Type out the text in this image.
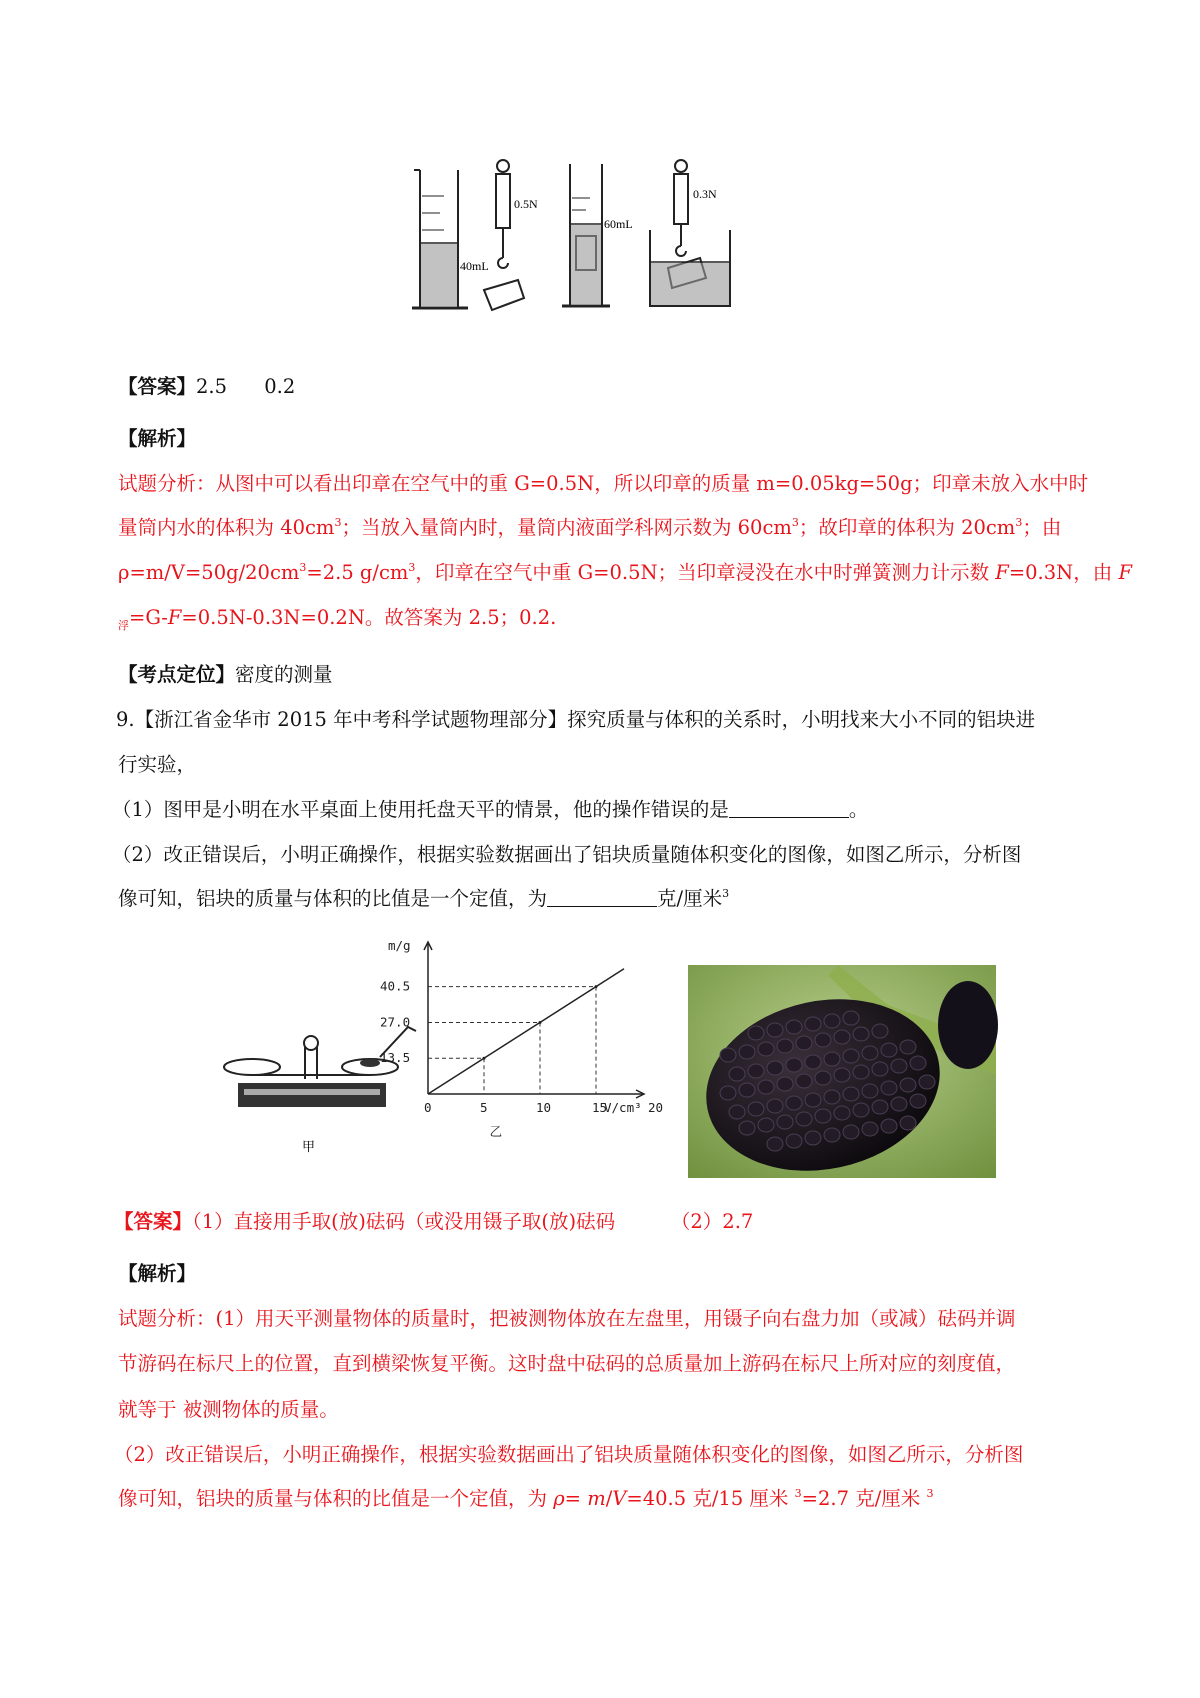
0.5N
40mL
60mL
0.3N
【答案】2.5      0.2
【解析】
试题分析：从图中可以看出印章在空气中的重 G=0.5N，所以印章的质量 m=0.05kg=50g；印章未放入水中时
量筒内水的体积为 $40cm^3$；当放入量筒内时，量筒内液面学科网示数为 $60cm^3$；故印章的体积为 $20cm^3$；由
$\rho=m/V=50g/20cm^3=2.5$ $g/cm^3$，印章在空气中重 G=0.5N；当印章浸没在水中时弹簧测力计示数 F=0.3N，由 F
$_浮$=G-F=0.5N-0.3N=0.2N。故答案为 2.5；0.2.
【考点定位】密度的测量
9.【浙江省金华市 2015 年中考科学试题物理部分】探究质量与体积的关系时，小明找来大小不同的铝块进
行实验，
（1）图甲是小明在水平桌面上使用托盘天平的情景，他的操作错误的是	。
（2）改正错误后，小明正确操作，根据实验数据画出了铝块质量随体积变化的图像，如图乙所示，分析图
像可知，铝块的质量与体积的比值是一个定值，为	克/厘米$^3$
甲
13.5
27.0
40.5
0	5	10	15	20
m/g
V/cm³
乙
【答案】（1）直接用手取(放)砝码（或没用镊子取(放)砝码         （2）2.7
【解析】
试题分析：(1）用天平测量物体的质量时，把被测物体放在左盘里，用镊子向右盘力加（或减）砝码并调
节游码在标尺上的位置，直到横梁恢复平衡。这时盘中砝码的总质量加上游码在标尺上所对应的刻度值，
就等于 被测物体的质量。
（2）改正错误后，小明正确操作，根据实验数据画出了铝块质量随体积变化的图像，如图乙所示，分析图
像可知，铝块的质量与体积的比值是一个定值，为 ρ= m/V=40.5 克/15 厘米 $^3$=2.7 克/厘米 $^3$
